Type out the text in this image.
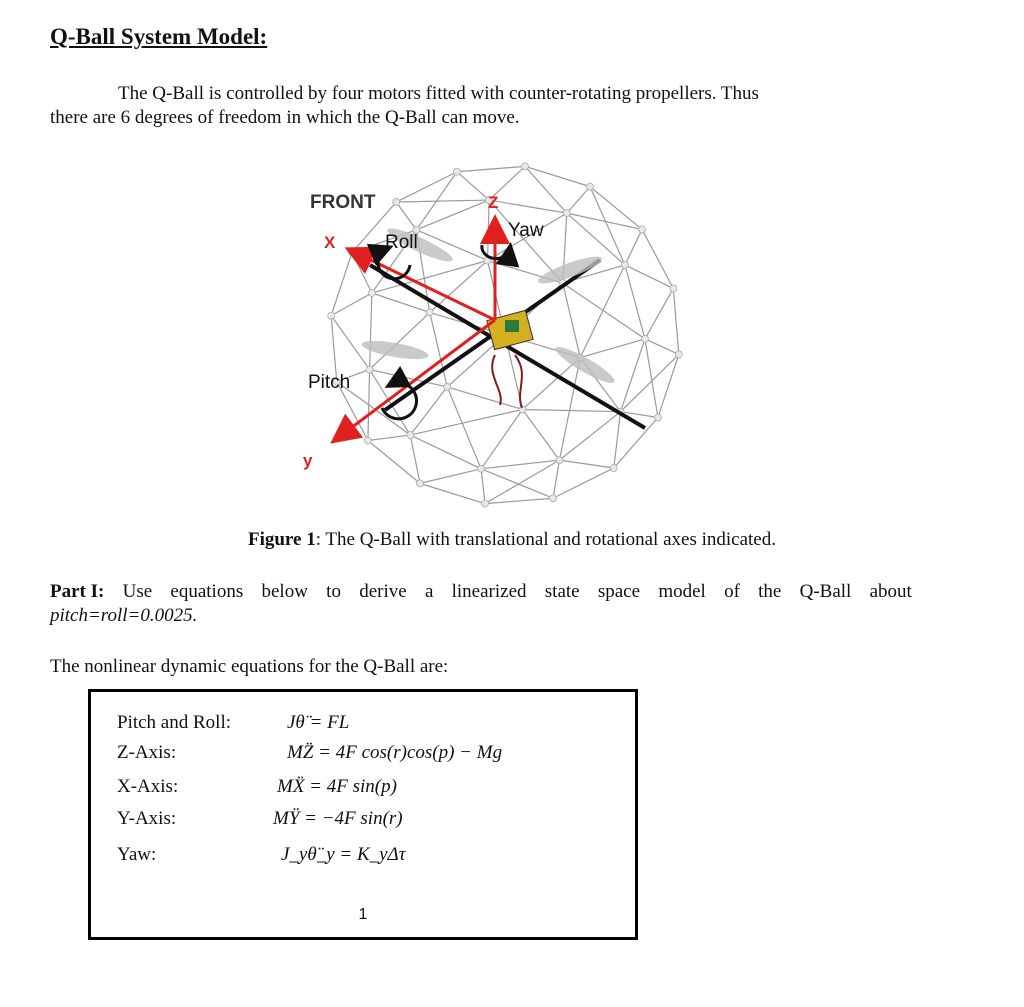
Q-Ball System Model:
The Q-Ball is controlled by four motors fitted with counter-rotating propellers. Thus
there are 6 degrees of freedom in which the Q-Ball can move.
FRONT
X	Roll
Z
Yaw
Pitch
y
Figure 1: The Q-Ball with translational and rotational axes indicated.
Part I: Use equations below to derive a linearized state space model of the Q-Ball about
pitch=roll=0.0025.
The nonlinear dynamic equations for the Q-Ball are:
Pitch and Roll:	Jθ̈ = FL
Z-Axis:	MZ̈ = 4F cos(r)cos(p) − Mg
X-Axis:	MẌ = 4F sin(p)
Y-Axis:	MŸ = −4F sin(r)
Yaw:	J_yθ̈_y = K_yΔτ
1
